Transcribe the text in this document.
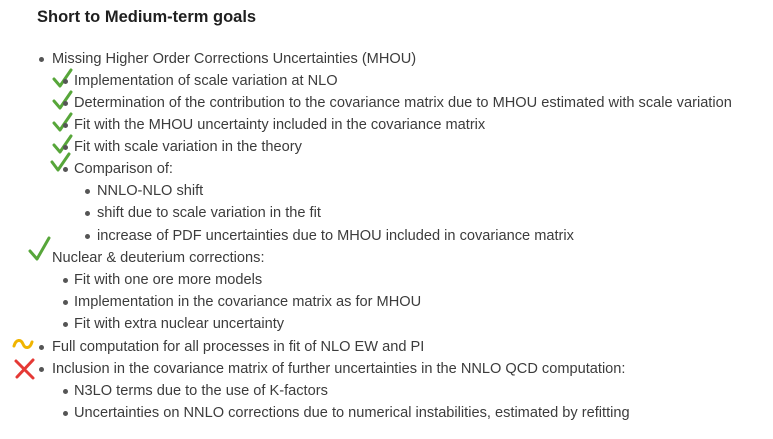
Short to Medium-term goals
Missing Higher Order Corrections Uncertainties (MHOU)
Implementation of scale variation at NLO
Determination of the contribution to the covariance matrix due to MHOU estimated with scale variation
Fit with the MHOU uncertainty included in the covariance matrix
Fit with scale variation in the theory
Comparison of:
NNLO-NLO shift
shift due to scale variation in the fit
increase of PDF uncertainties due to MHOU included in covariance matrix
Nuclear & deuterium corrections:
Fit with one ore more models
Implementation in the covariance matrix as for MHOU
Fit with extra nuclear uncertainty
Full computation for all processes in fit of NLO EW and PI
Inclusion in the covariance matrix of further uncertainties in the NNLO QCD computation:
N3LO terms due to the use of K-factors
Uncertainties on NNLO corrections due to numerical instabilities, estimated by refitting
